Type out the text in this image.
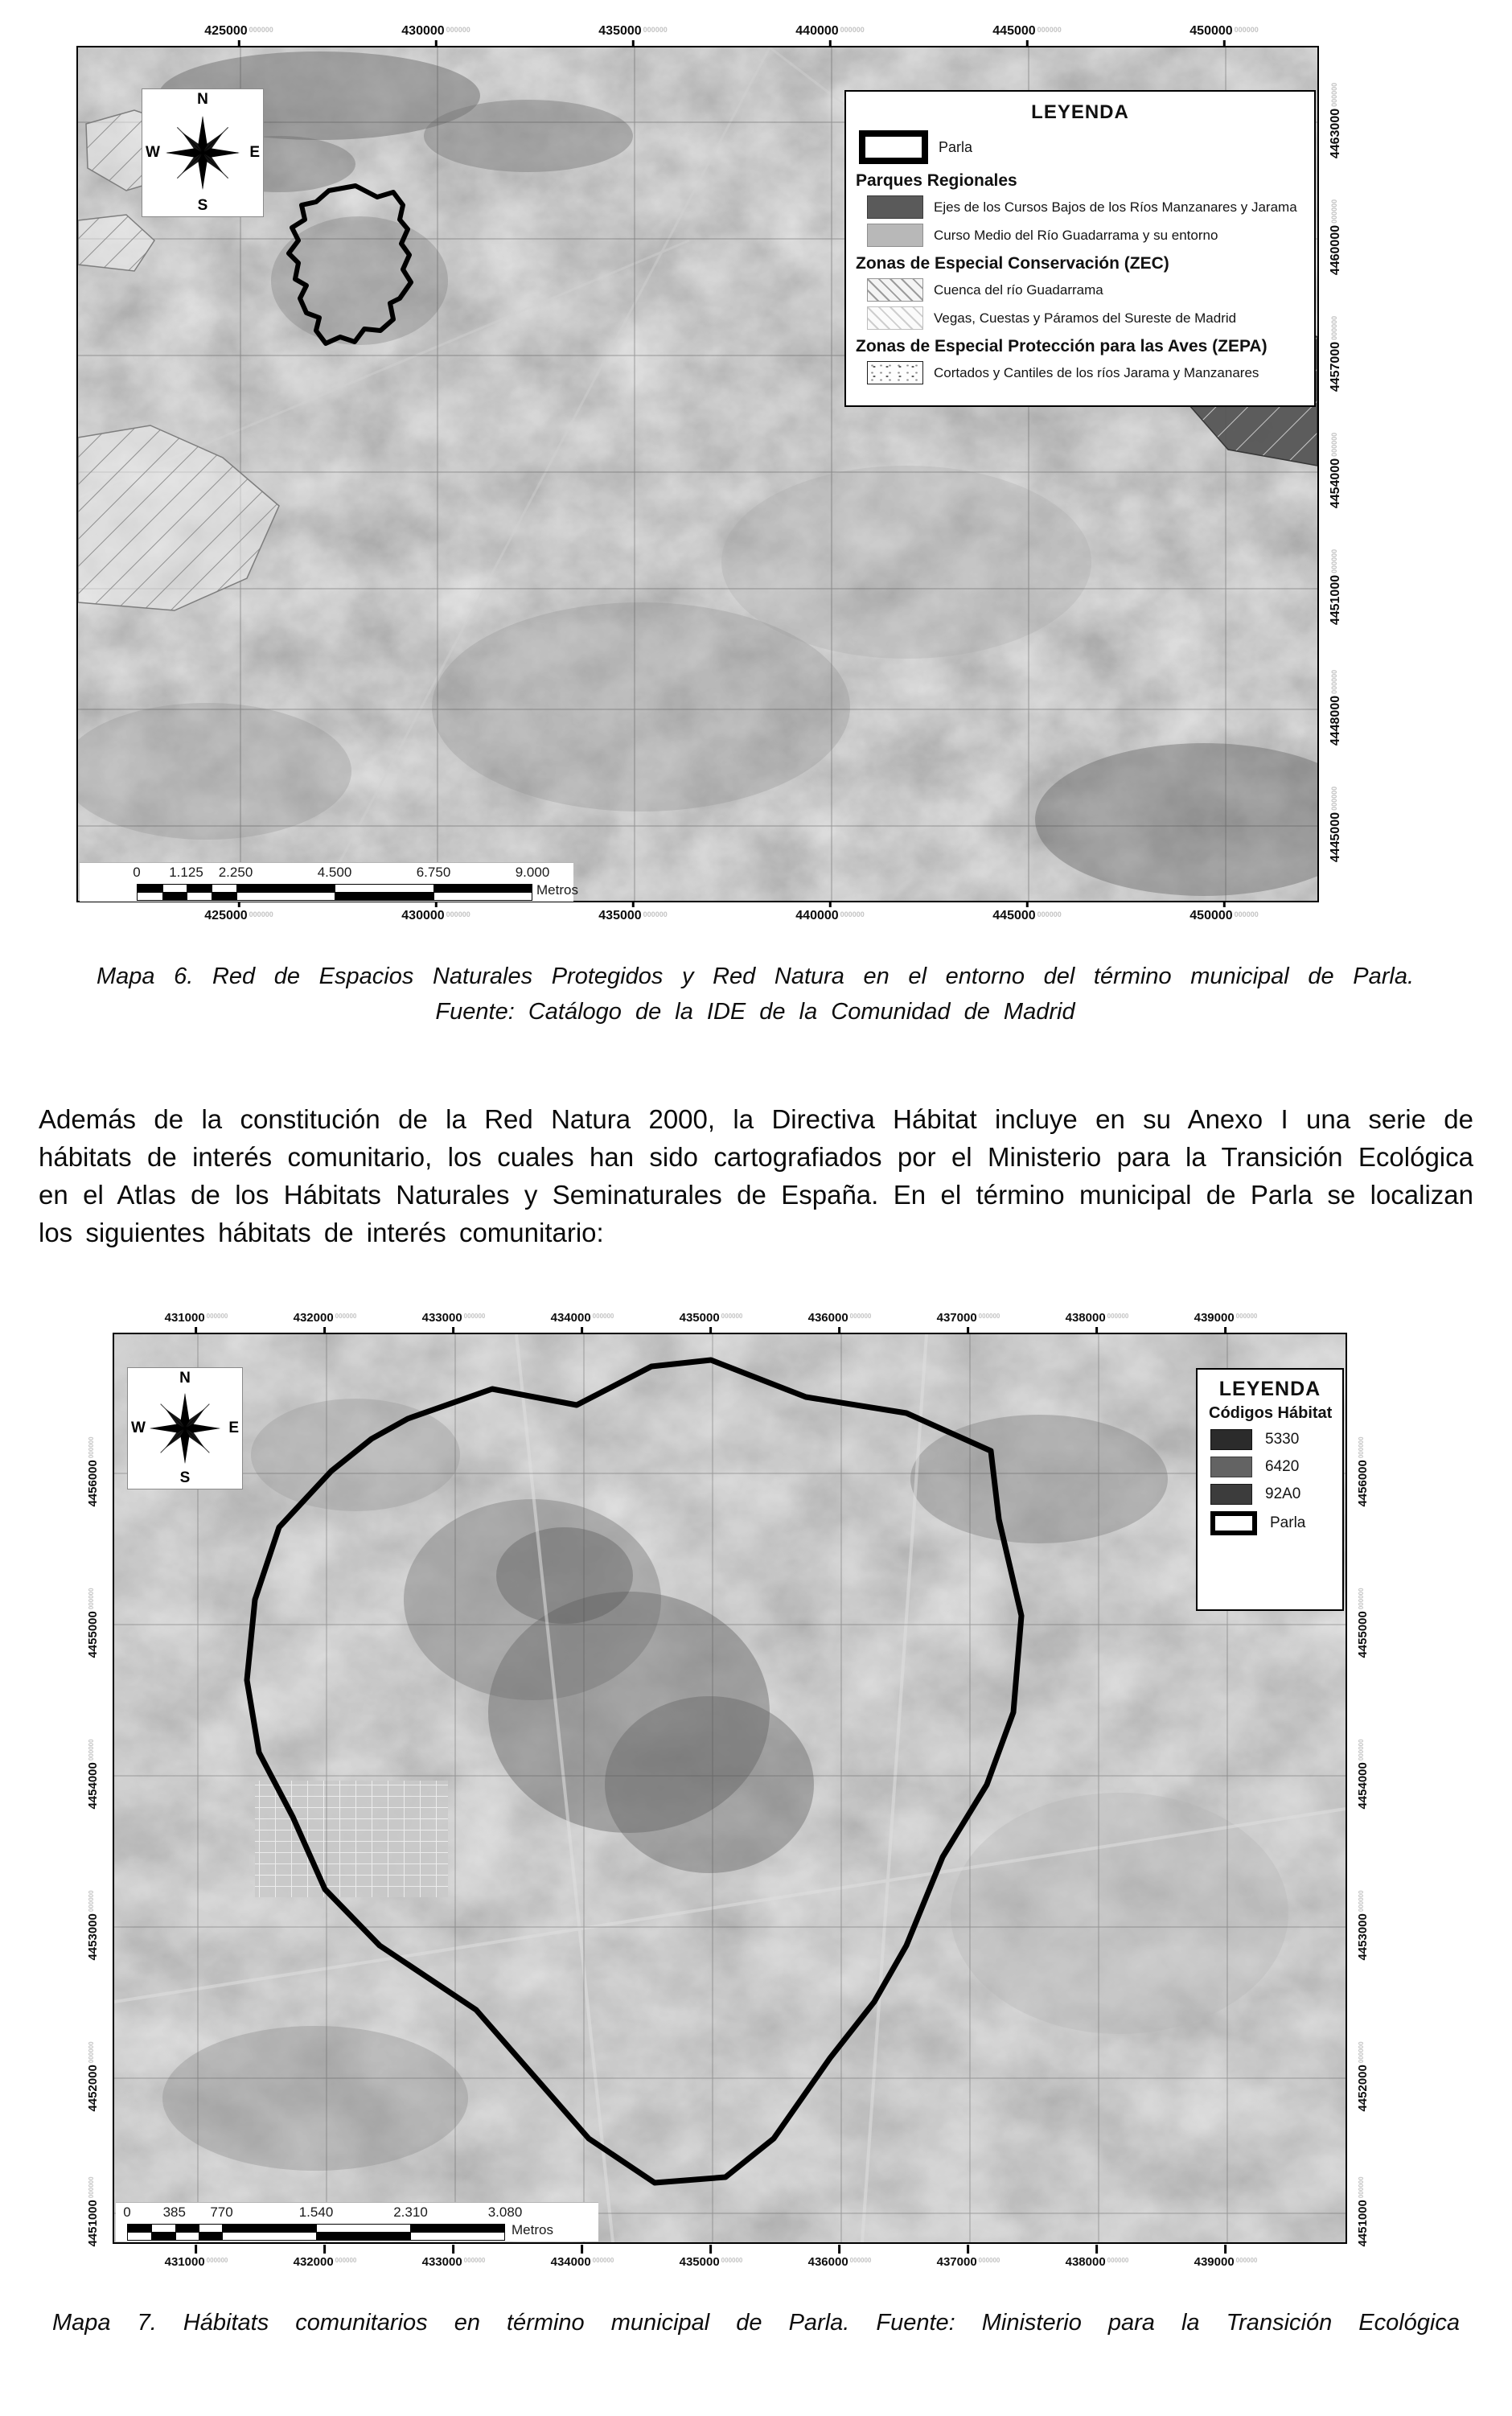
425000 000000	430000 000000	435000 000000	440000 000000	445000 000000	450000 000000
425000 000000	430000 000000	435000 000000	440000 000000	445000 000000	450000 000000
4463000
000000
4460000
000000
4457000
000000
4454000
000000
4451000
000000
4448000
000000
4445000
000000
N
S
W	E
LEYENDA
Parla
Parques Regionales
Ejes de los Cursos Bajos de los Ríos Manzanares y Jarama
Curso Medio del Río Guadarrama y su entorno
Zonas de Especial Conservación (ZEC)
Cuenca del río Guadarrama
Vegas, Cuestas y Páramos del Sureste de Madrid
Zonas de Especial Protección para las Aves (ZEPA)
Cortados y Cantiles de los ríos Jarama y Manzanares
0 1.125 2.250	4.500	6.750	9.000
Metros
Mapa 6. Red de Espacios Naturales Protegidos y Red Natura en el entorno del término municipal de Parla.
Fuente: Catálogo de la IDE de la Comunidad de Madrid
Además de la constitución de la Red Natura 2000, la Directiva Hábitat incluye en su Anexo I una serie de hábitats de interés comunitario, los cuales han sido cartografiados por el Ministerio para la Transición Ecológica en el Atlas de los Hábitats Naturales y Seminaturales de España. En el término municipal de Parla se localizan los siguientes hábitats de interés comunitario:
431000 000000	432000 000000	433000 000000	434000 000000	435000 000000	436000 000000	437000 000000	438000 000000	439000 000000
431000 000000	432000 000000	433000 000000	434000 000000	435000 000000	436000 000000	437000 000000	438000 000000	439000 000000
4456000
000000
4455000
000000
4454000
000000
4453000
000000
4452000
000000
4451000
000000
4456000
000000
4455000
000000
4454000
000000
4453000
000000
4452000
000000
4451000
000000
N
S
W	E
LEYENDA
Códigos Hábitat
5330
6420
92A0
Parla
0 385 770	1.540	2.310	3.080
Metros
Mapa 7. Hábitats comunitarios en término municipal de Parla. Fuente: Ministerio para la Transición Ecológica
